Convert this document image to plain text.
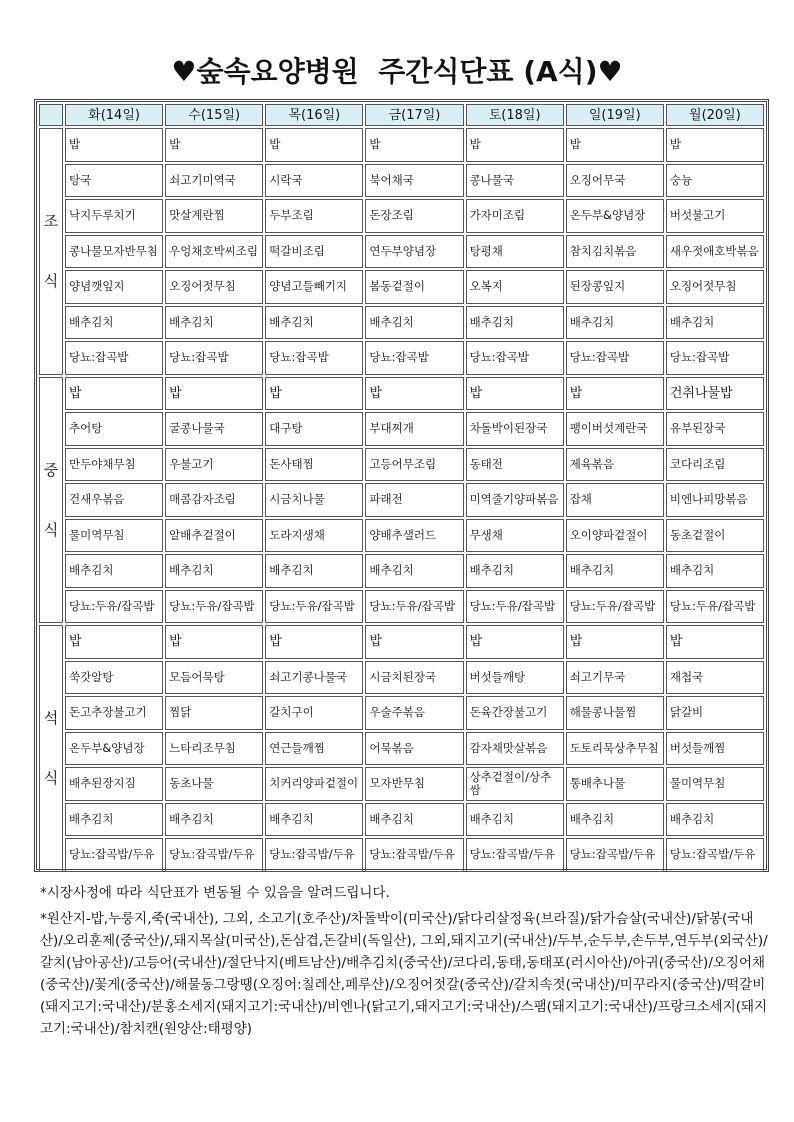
♥숲속요양병원  주간식단표 (A식)♥
	화(14일)	수(15일)	목(16일)	금(17일)	토(18일)	일(19일)	월(20일)
조

식	밥	밥	밥	밥	밥	밥	밥
	탕국	쇠고기미역국	시락국	북어채국	콩나물국	오징어무국	숭늉
	낙지두루치기	맛살계란찜	두부조림	돈장조림	가자미조림	온두부&양념장	버섯불고기
	콩나물모자반무침	우엉채호박씨조림	떡갈비조림	연두부양념장	탕평채	참치김치볶음	새우젓애호박볶음
	양념깻잎지	오징어젓무침	양념고들빼기지	봄동겉절이	오복지	된장콩잎지	오징어젓무침
	배추김치	배추김치	배추김치	배추김치	배추김치	배추김치	배추김치
	당뇨:잡곡밥	당뇨:잡곡밥	당뇨:잡곡밥	당뇨:잡곡밥	당뇨:잡곡밥	당뇨:잡곡밥	당뇨:잡곡밥
중

식	밥	밥	밥	밥	밥	밥	건취나물밥
	추어탕	굴콩나물국	대구탕	부대찌개	차돌박이된장국	팽이버섯계란국	유부된장국
	만두야채무침	우불고기	돈사태찜	고등어무조림	동태전	제육볶음	코다리조림
	건새우볶음	매콤감자조림	시금치나물	파래전	미역줄기양파볶음	잡채	비엔나피망볶음
	물미역무침	알배추겉절이	도라지생채	양배추샐러드	무생채	오이양파겉절이	동초겉절이
	배추김치	배추김치	배추김치	배추김치	배추김치	배추김치	배추김치
	당뇨:두유/잡곡밥	당뇨:두유/잡곡밥	당뇨:두유/잡곡밥	당뇨:두유/잡곡밥	당뇨:두유/잡곡밥	당뇨:두유/잡곡밥	당뇨:두유/잡곡밥
석

식	밥	밥	밥	밥	밥	밥	밥
	쑥갓알탕	모듬어묵탕	쇠고기콩나물국	시금치된장국	버섯들깨탕	쇠고기무국	재첩국
	돈고추장불고기	찜닭	갈치구이	우술주볶음	돈육간장불고기	해물콩나물찜	닭갈비
	온두부&양념장	느타리조무침	연근들깨찜	어묵볶음	감자채맛살볶음	도토리묵상추무침	버섯들깨찜
	배추된장지짐	동초나물	치커리양파겉절이	모자반무침	상추겉절이/상추쌈	통배추나물	물미역무침
	배추김치	배추김치	배추김치	배추김치	배추김치	배추김치	배추김치
	당뇨:잡곡밥/두유	당뇨:잡곡밥/두유	당뇨:잡곡밥/두유	당뇨:잡곡밥/두유	당뇨:잡곡밥/두유	당뇨:잡곡밥/두유	당뇨:잡곡밥/두유

*시장사정에 따라 식단표가 변동될 수 있음을 알려드립니다.

*원산지-밥,누룽지,죽(국내산), 그외, 소고기(호주산)/차돌박이(미국산)/닭다리살정육(브라질)/닭가슴살(국내산)/닭봉(국내산)/오리훈제(중국산)/,돼지목살(미국산),돈삼겹,돈갈비(독일산), 그외,돼지고기(국내산)/두부,순두부,손두부,연두부(외국산)/갈치(남아공산)/고등어(국내산)/절단낙지(베트남산)/배추김치(중국산)/코다리,동태,동태포(러시아산)/아귀(중국산)/오징어채(중국산)/꽃게(중국산)/해물동그랑땡(오징어:칠레산,페루산)/오징어젓갈(중국산)/갈치속젓(국내산)/미꾸라지(중국산)/떡갈비(돼지고기:국내산)/분홍소세지(돼지고기:국내산)/비엔나(닭고기,돼지고기:국내산)/스팸(돼지고기:국내산)/프랑크소세지(돼지고기:국내산)/참치캔(원양산:태평양)
